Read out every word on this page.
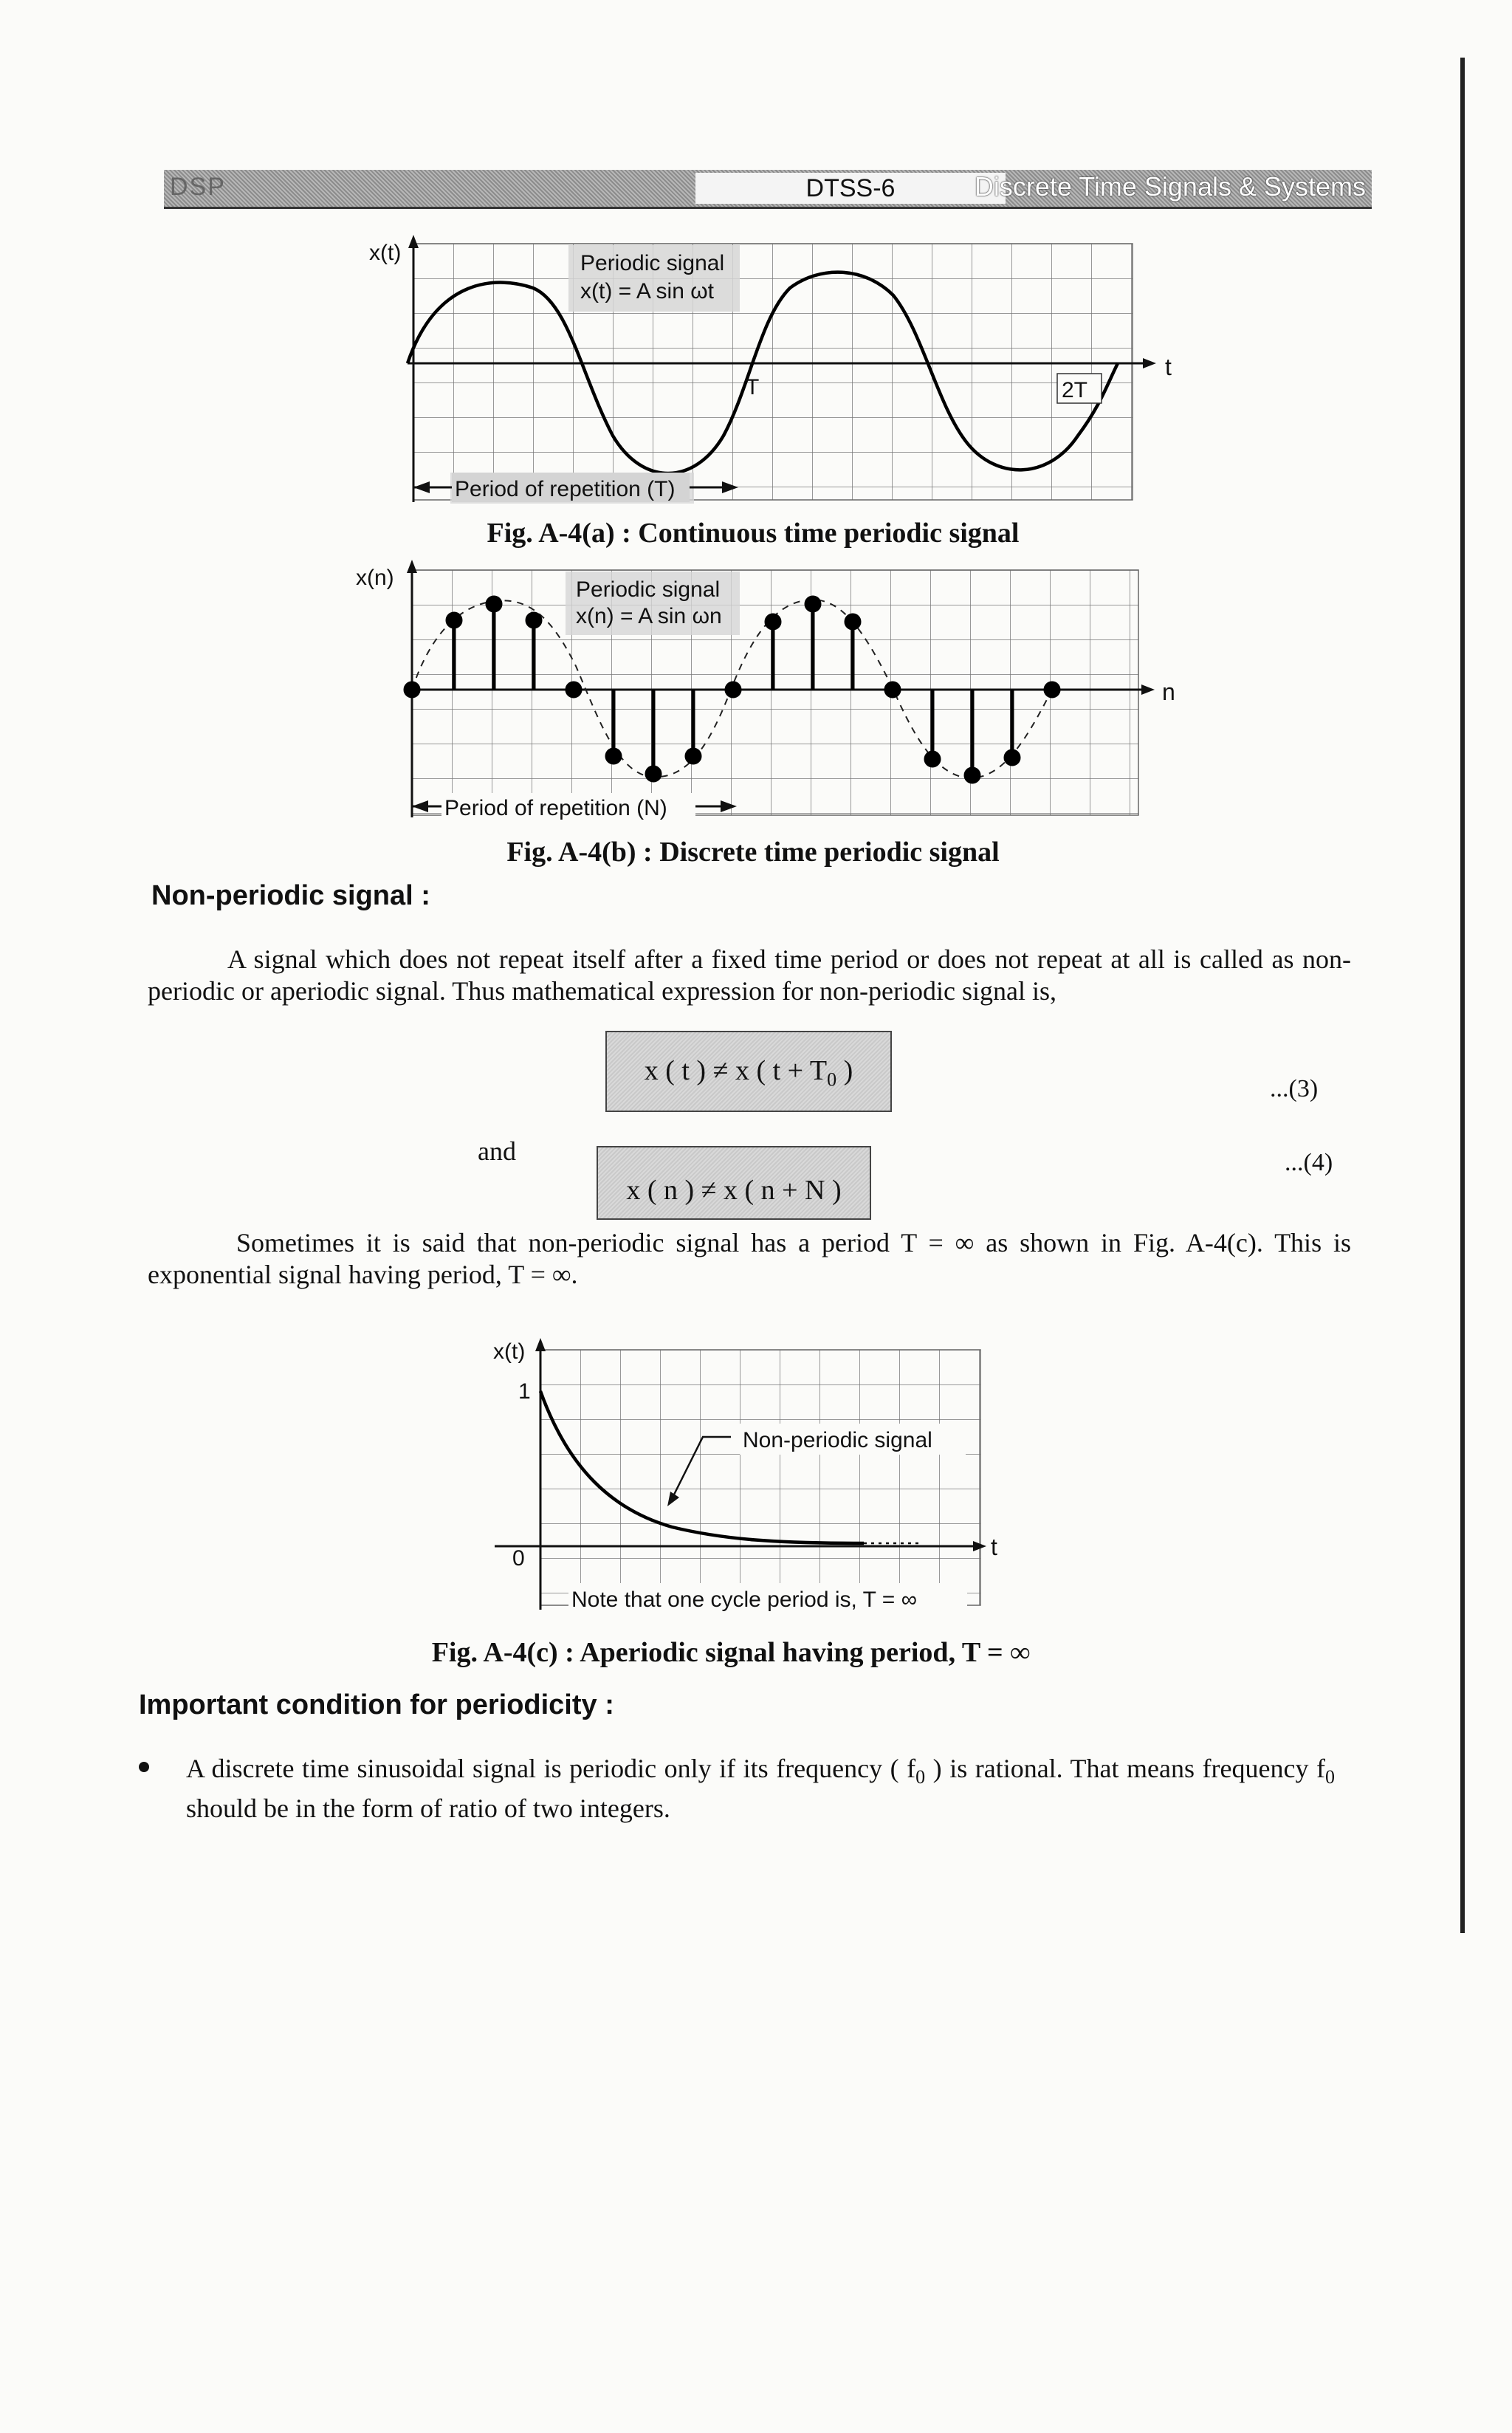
DSP	DTSS-6	Discrete Time Signals & Systems
x(t)
t
Periodic signal
x(t) = A sin ωt
T	2T
Period of repetition (T)
Fig. A-4(a) : Continuous time periodic signal
x(n)
n
Periodic signal
x(n) = A sin ωn
Period of repetition (N)
Fig. A-4(b) : Discrete time periodic signal
Non-periodic signal :
A signal which does not repeat itself after a fixed time period or does not repeat at all is called as non-periodic or aperiodic signal. Thus mathematical expression for non-periodic signal is,
x ( t ) ≠ x ( $t + T_0$ )
...(3)
and
x ( n ) ≠ x ( n + N )
...(4)
Sometimes it is said that non-periodic signal has a period T = ∞ as shown in Fig. A-4(c). This is exponential signal having period, T = ∞.
x(t)
1
0	t
Non-periodic signal
Note that one cycle period is, T = ∞
Fig. A-4(c) : Aperiodic signal having period, T = ∞
Important condition for periodicity :
A discrete time sinusoidal signal is periodic only if its frequency ( $f_0$ ) is rational. That means frequency $f_0$ should be in the form of ratio of two integers.
